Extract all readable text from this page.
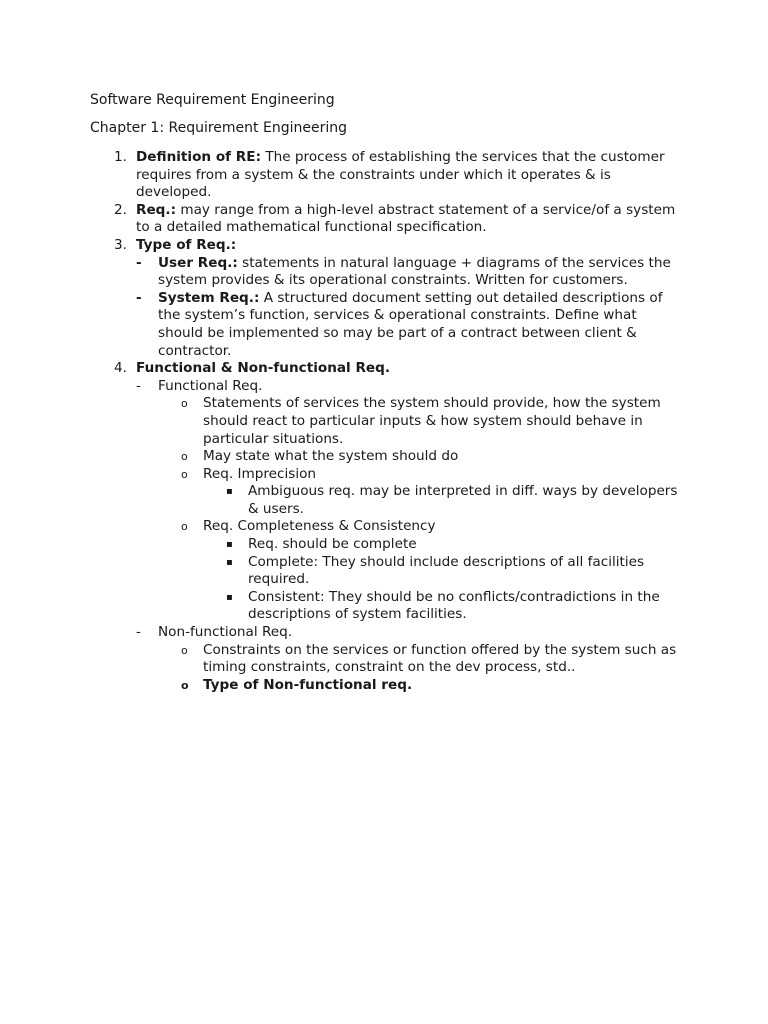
Software Requirement Engineering
Chapter 1: Requirement Engineering
1. Definition of RE: The process of establishing the services that the customer requires from a system & the constraints under which it operates & is developed.
2. Req.: may range from a high-level abstract statement of a service/of a system to a detailed mathematical functional specification.
3. Type of Req.:
- User Req.: statements in natural language + diagrams of the services the system provides & its operational constraints. Written for customers.
- System Req.: A structured document setting out detailed descriptions of the system’s function, services & operational constraints. Define what should be implemented so may be part of a contract between client & contractor.
4. Functional & Non-functional Req.
- Functional Req.
o Statements of services the system should provide, how the system should react to particular inputs & how system should behave in particular situations.
o May state what the system should do
o Req. Imprecision
▪ Ambiguous req. may be interpreted in diff. ways by developers & users.
o Req. Completeness & Consistency
▪ Req. should be complete
▪ Complete: They should include descriptions of all facilities required.
▪ Consistent: They should be no conflicts/contradictions in the descriptions of system facilities.
- Non-functional Req.
o Constraints on the services or function offered by the system such as timing constraints, constraint on the dev process, std..
o Type of Non-functional req.
